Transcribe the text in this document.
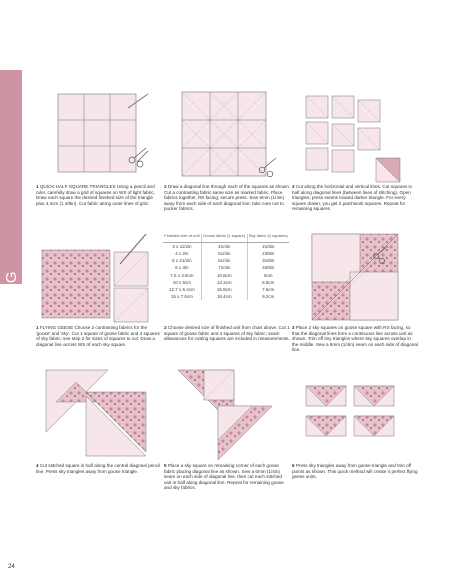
ROTARY CUTTING
1 QUICK HALF-SQUARE TRIANGLES Using a pencil and ruler, carefully draw a grid of squares on WS of light fabric. Draw each square the desired finished size of the triangle plus 4.4cm (1 3/8in). Cut fabric along outer lines of grid.
2 Draw a diagonal line through each of the squares as shown. Cut a contrasting fabric same size as marked fabric. Place fabrics together, RS facing; secure press. Sew 6mm (1/4in) away from each side of each diagonal line; take care not to pucker fabrics.
3 Cut along the horizontal and vertical lines. Cut squares in half along diagonal lines (between lines of stitching). Open triangles; press seams toward darker triangle. For every square drawn, you get 2 patchwork squares. Repeat for remaining squares.
1 FLYING GEESE Choose 2 contrasting fabrics for the 'goose' and 'sky'. Cut 1 square of goose fabric and 4 squares of sky fabric; see step 2 for sizes of squares to cut. Draw a diagonal line across WS of each sky square.
Finished size of unit	Goose fabric (1 square)	Sky fabric (4 squares)
3 x 11/2in	41/4in	21/8in
4 x 2in	51/4in	23/8in
5 x 21/2in	61/4in	31/8in
6 x 3in	71/4in	33/8in
7.6 x 3.8cm	10.8cm	6cm
10 x 5cm	13.3cm	6.8cm
12.7 x 6.4cm	15.8cm	7.6cm
15 x 7.6cm	18.4cm	9.2cm
2 Choose desired size of finished unit from chart above. Cut 1 square of goose fabric and 4 squares of sky fabric; seam allowances for cutting squares are included in measurements.
3 Place 2 sky squares on goose square with RS facing, so that the diagonal lines form a continuous line across unit as shown. Trim off tiny triangles where sky squares overlap in the middle. Sew a 6mm (1/4in) seam on each side of diagonal line.
4 Cut stitched square in half along the central diagonal pencil line. Press sky triangles away from goose triangle.
5 Place a sky square on remaining corner of each goose fabric placing diagonal line as shown. Sew a 6mm (1/4in) seam on each side of diagonal line, then cut each stitched unit in half along diagonal line. Repeat for remaining goose and sky fabrics.
6 Press sky triangles away from goose triangle and trim off points as shown. This quick method will create 4 perfect flying geese units.
24
